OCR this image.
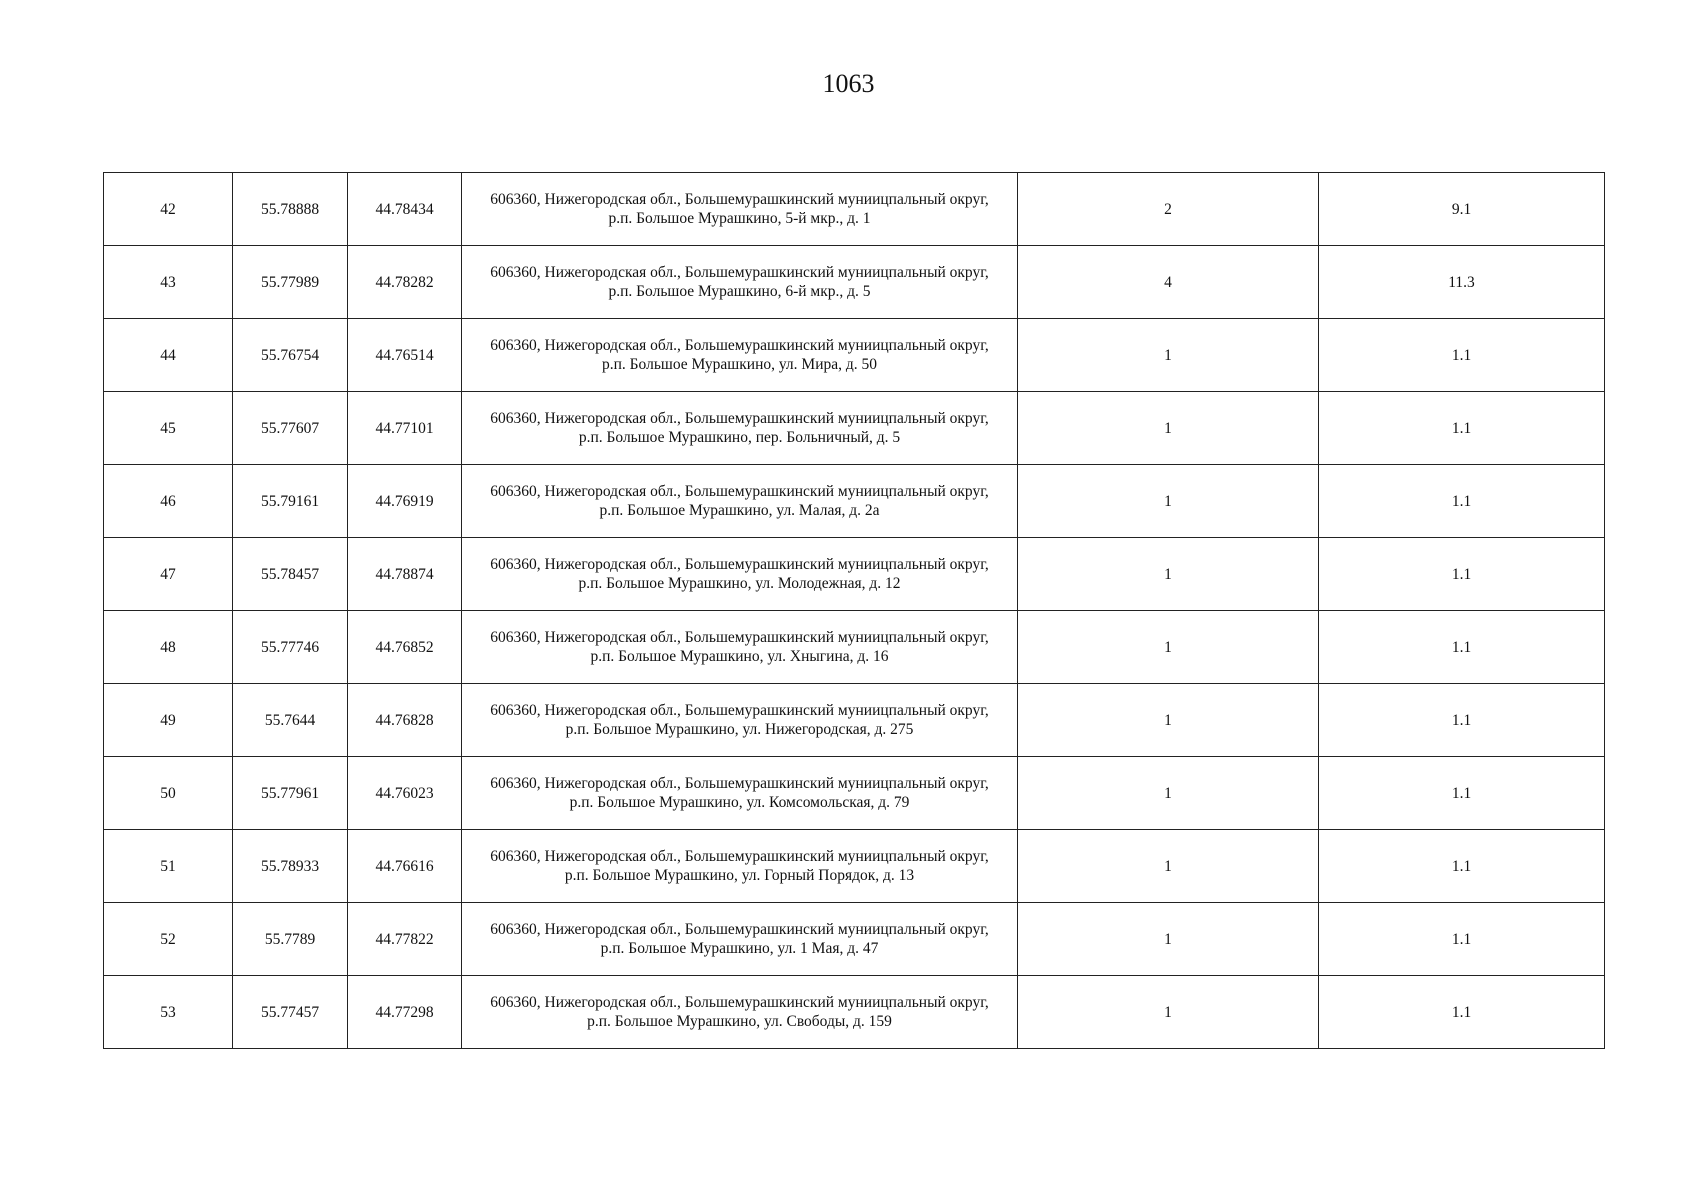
1063
42	55.78888	44.78434	606360, Нижегородская обл., Большемурашкинский муниицпальный округ,
р.п. Большое Мурашкино, 5-й мкр., д. 1	2	9.1
43	55.77989	44.78282	606360, Нижегородская обл., Большемурашкинский муниицпальный округ,
р.п. Большое Мурашкино, 6-й мкр., д. 5	4	11.3
44	55.76754	44.76514	606360, Нижегородская обл., Большемурашкинский муниицпальный округ,
р.п. Большое Мурашкино, ул. Мира, д. 50	1	1.1
45	55.77607	44.77101	606360, Нижегородская обл., Большемурашкинский муниицпальный округ,
р.п. Большое Мурашкино, пер. Больничный, д. 5	1	1.1
46	55.79161	44.76919	606360, Нижегородская обл., Большемурашкинский муниицпальный округ,
р.п. Большое Мурашкино, ул. Малая, д. 2а	1	1.1
47	55.78457	44.78874	606360, Нижегородская обл., Большемурашкинский муниицпальный округ,
р.п. Большое Мурашкино, ул. Молодежная, д. 12	1	1.1
48	55.77746	44.76852	606360, Нижегородская обл., Большемурашкинский муниицпальный округ,
р.п. Большое Мурашкино, ул. Хныгина, д. 16	1	1.1
49	55.7644	44.76828	606360, Нижегородская обл., Большемурашкинский муниицпальный округ,
р.п. Большое Мурашкино, ул. Нижегородская, д. 275	1	1.1
50	55.77961	44.76023	606360, Нижегородская обл., Большемурашкинский муниицпальный округ,
р.п. Большое Мурашкино, ул. Комсомольская, д. 79	1	1.1
51	55.78933	44.76616	606360, Нижегородская обл., Большемурашкинский муниицпальный округ,
р.п. Большое Мурашкино, ул. Горный Порядок, д. 13	1	1.1
52	55.7789	44.77822	606360, Нижегородская обл., Большемурашкинский муниицпальный округ,
р.п. Большое Мурашкино, ул. 1 Мая, д. 47	1	1.1
53	55.77457	44.77298	606360, Нижегородская обл., Большемурашкинский муниицпальный округ,
р.п. Большое Мурашкино, ул. Свободы, д. 159	1	1.1
